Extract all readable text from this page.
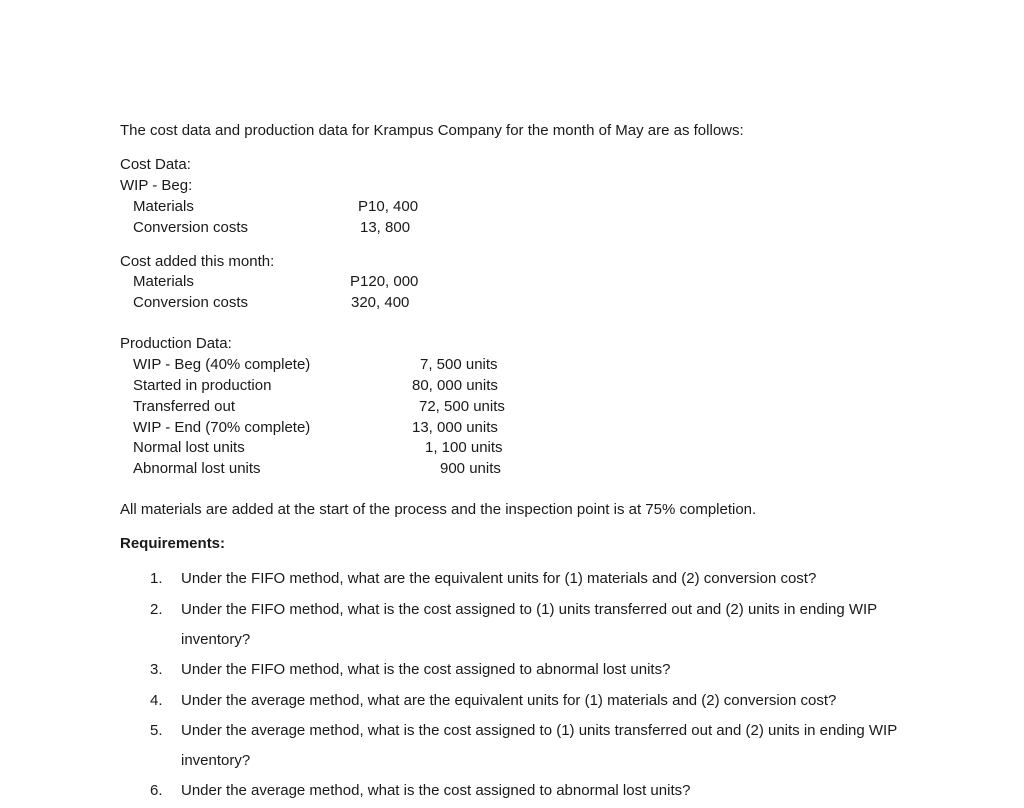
The cost data and production data for Krampus Company for the month of May are as follows:
Cost Data:
WIP - Beg:
Materials	P10, 400
Conversion costs	13, 800
Cost added this month:
Materials	P120, 000
Conversion costs	320, 400
Production Data:
WIP - Beg (40% complete)	7, 500 units
Started in production	80, 000 units
Transferred out	72, 500 units
WIP - End (70% complete)	13, 000 units
Normal lost units	1, 100 units
Abnormal lost units	900 units
All materials are added at the start of the process and the inspection point is at 75% completion.
Requirements:
1. Under the FIFO method, what are the equivalent units for (1) materials and (2) conversion cost?
2. Under the FIFO method, what is the cost assigned to (1) units transferred out and (2) units in ending WIP
inventory?
3. Under the FIFO method, what is the cost assigned to abnormal lost units?
4. Under the average method, what are the equivalent units for (1) materials and (2) conversion cost?
5. Under the average method, what is the cost assigned to (1) units transferred out and (2) units in ending WIP
inventory?
6. Under the average method, what is the cost assigned to abnormal lost units?
